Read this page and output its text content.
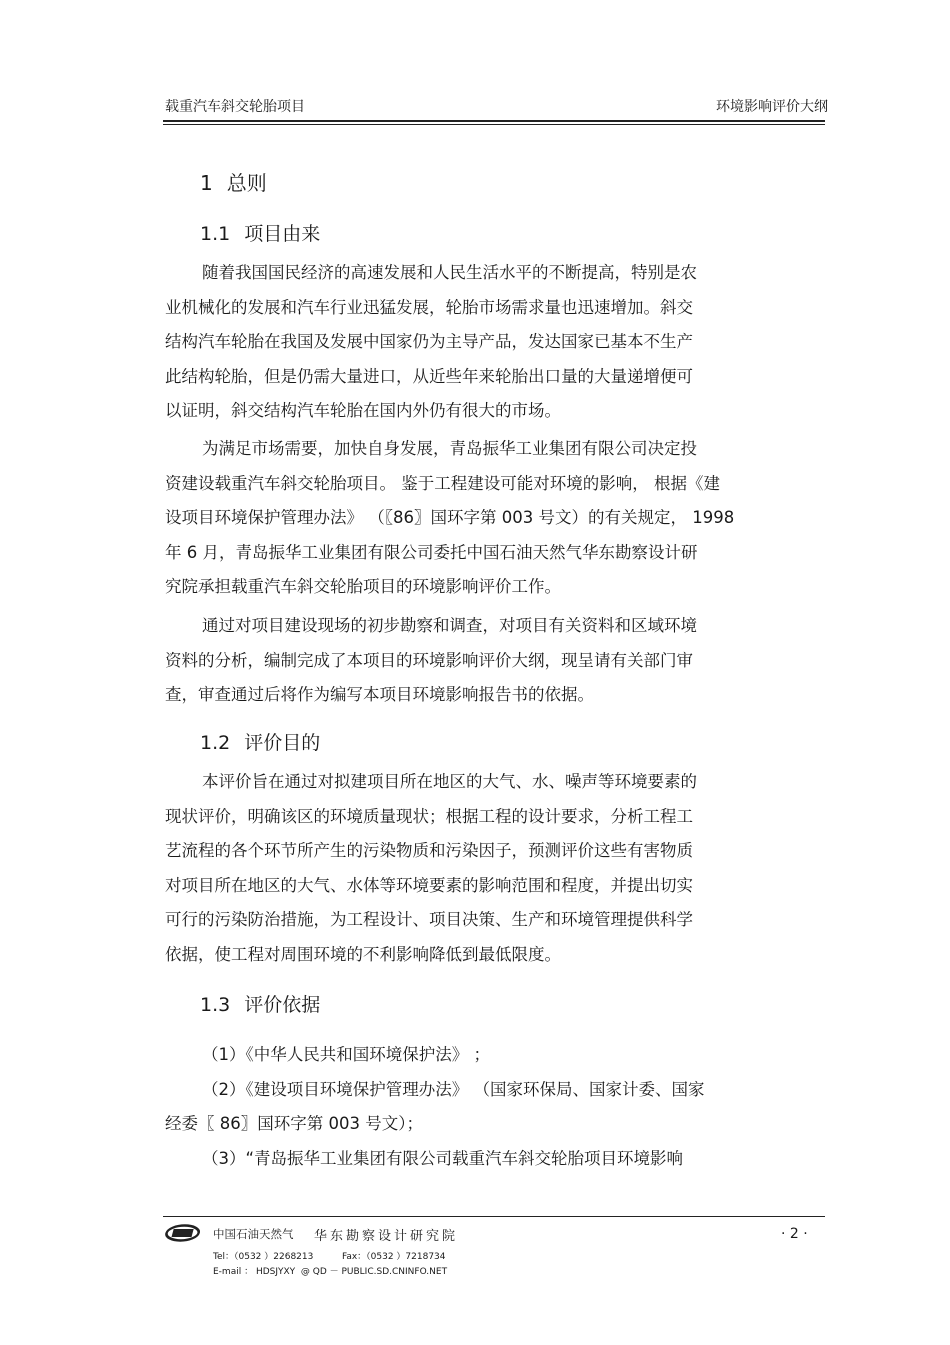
载重汽车斜交轮胎项目	环境影响评价大纲
1 总则
1.1 项目由来

随着我国国民经济的高速发展和人民生活水平的不断提高，特别是农

业机械化的发展和汽车行业迅猛发展，轮胎市场需求量也迅速增加。斜交

结构汽车轮胎在我国及发展中国家仍为主导产品，发达国家已基本不生产

此结构轮胎，但是仍需大量进口，从近些年来轮胎出口量的大量递增便可

以证明，斜交结构汽车轮胎在国内外仍有很大的市场。

为满足市场需要，加快自身发展，青岛振华工业集团有限公司决定投

资建设载重汽车斜交轮胎项目。 鉴于工程建设可能对环境的影响， 根据《建

设项目环境保护管理办法》 （〖86〗国环字第 003 号文）的有关规定， 1998

年 6 月，青岛振华工业集团有限公司委托中国石油天然气华东勘察设计研

究院承担载重汽车斜交轮胎项目的环境影响评价工作。

通过对项目建设现场的初步勘察和调查，对项目有关资料和区域环境

资料的分析，编制完成了本项目的环境影响评价大纲，现呈请有关部门审

查，审查通过后将作为编写本项目环境影响报告书的依据。

1.2 评价目的

本评价旨在通过对拟建项目所在地区的大气、水、噪声等环境要素的

现状评价，明确该区的环境质量现状；根据工程的设计要求，分析工程工

艺流程的各个环节所产生的污染物质和污染因子，预测评价这些有害物质

对项目所在地区的大气、水体等环境要素的影响范围和程度，并提出切实

可行的污染防治措施，为工程设计、项目决策、生产和环境管理提供科学

依据，使工程对周围环境的不利影响降低到最低限度。

1.3 评价依据

（1）《中华人民共和国环境保护法》 ；

（2）《建设项目环境保护管理办法》 （国家环保局、国家计委、国家

经委〖 86〗国环字第 003 号文）；

（3）“青岛振华工业集团有限公司载重汽车斜交轮胎项目环境影响

中国石油天然气 华东勘察设计研究院
Tel：（0532 ）2268213          Fax：（0532 ）7218734
E-mail ： HDSJYXY  @ QD － PUBLIC.SD.CNINFO.NET
· 2 ·
